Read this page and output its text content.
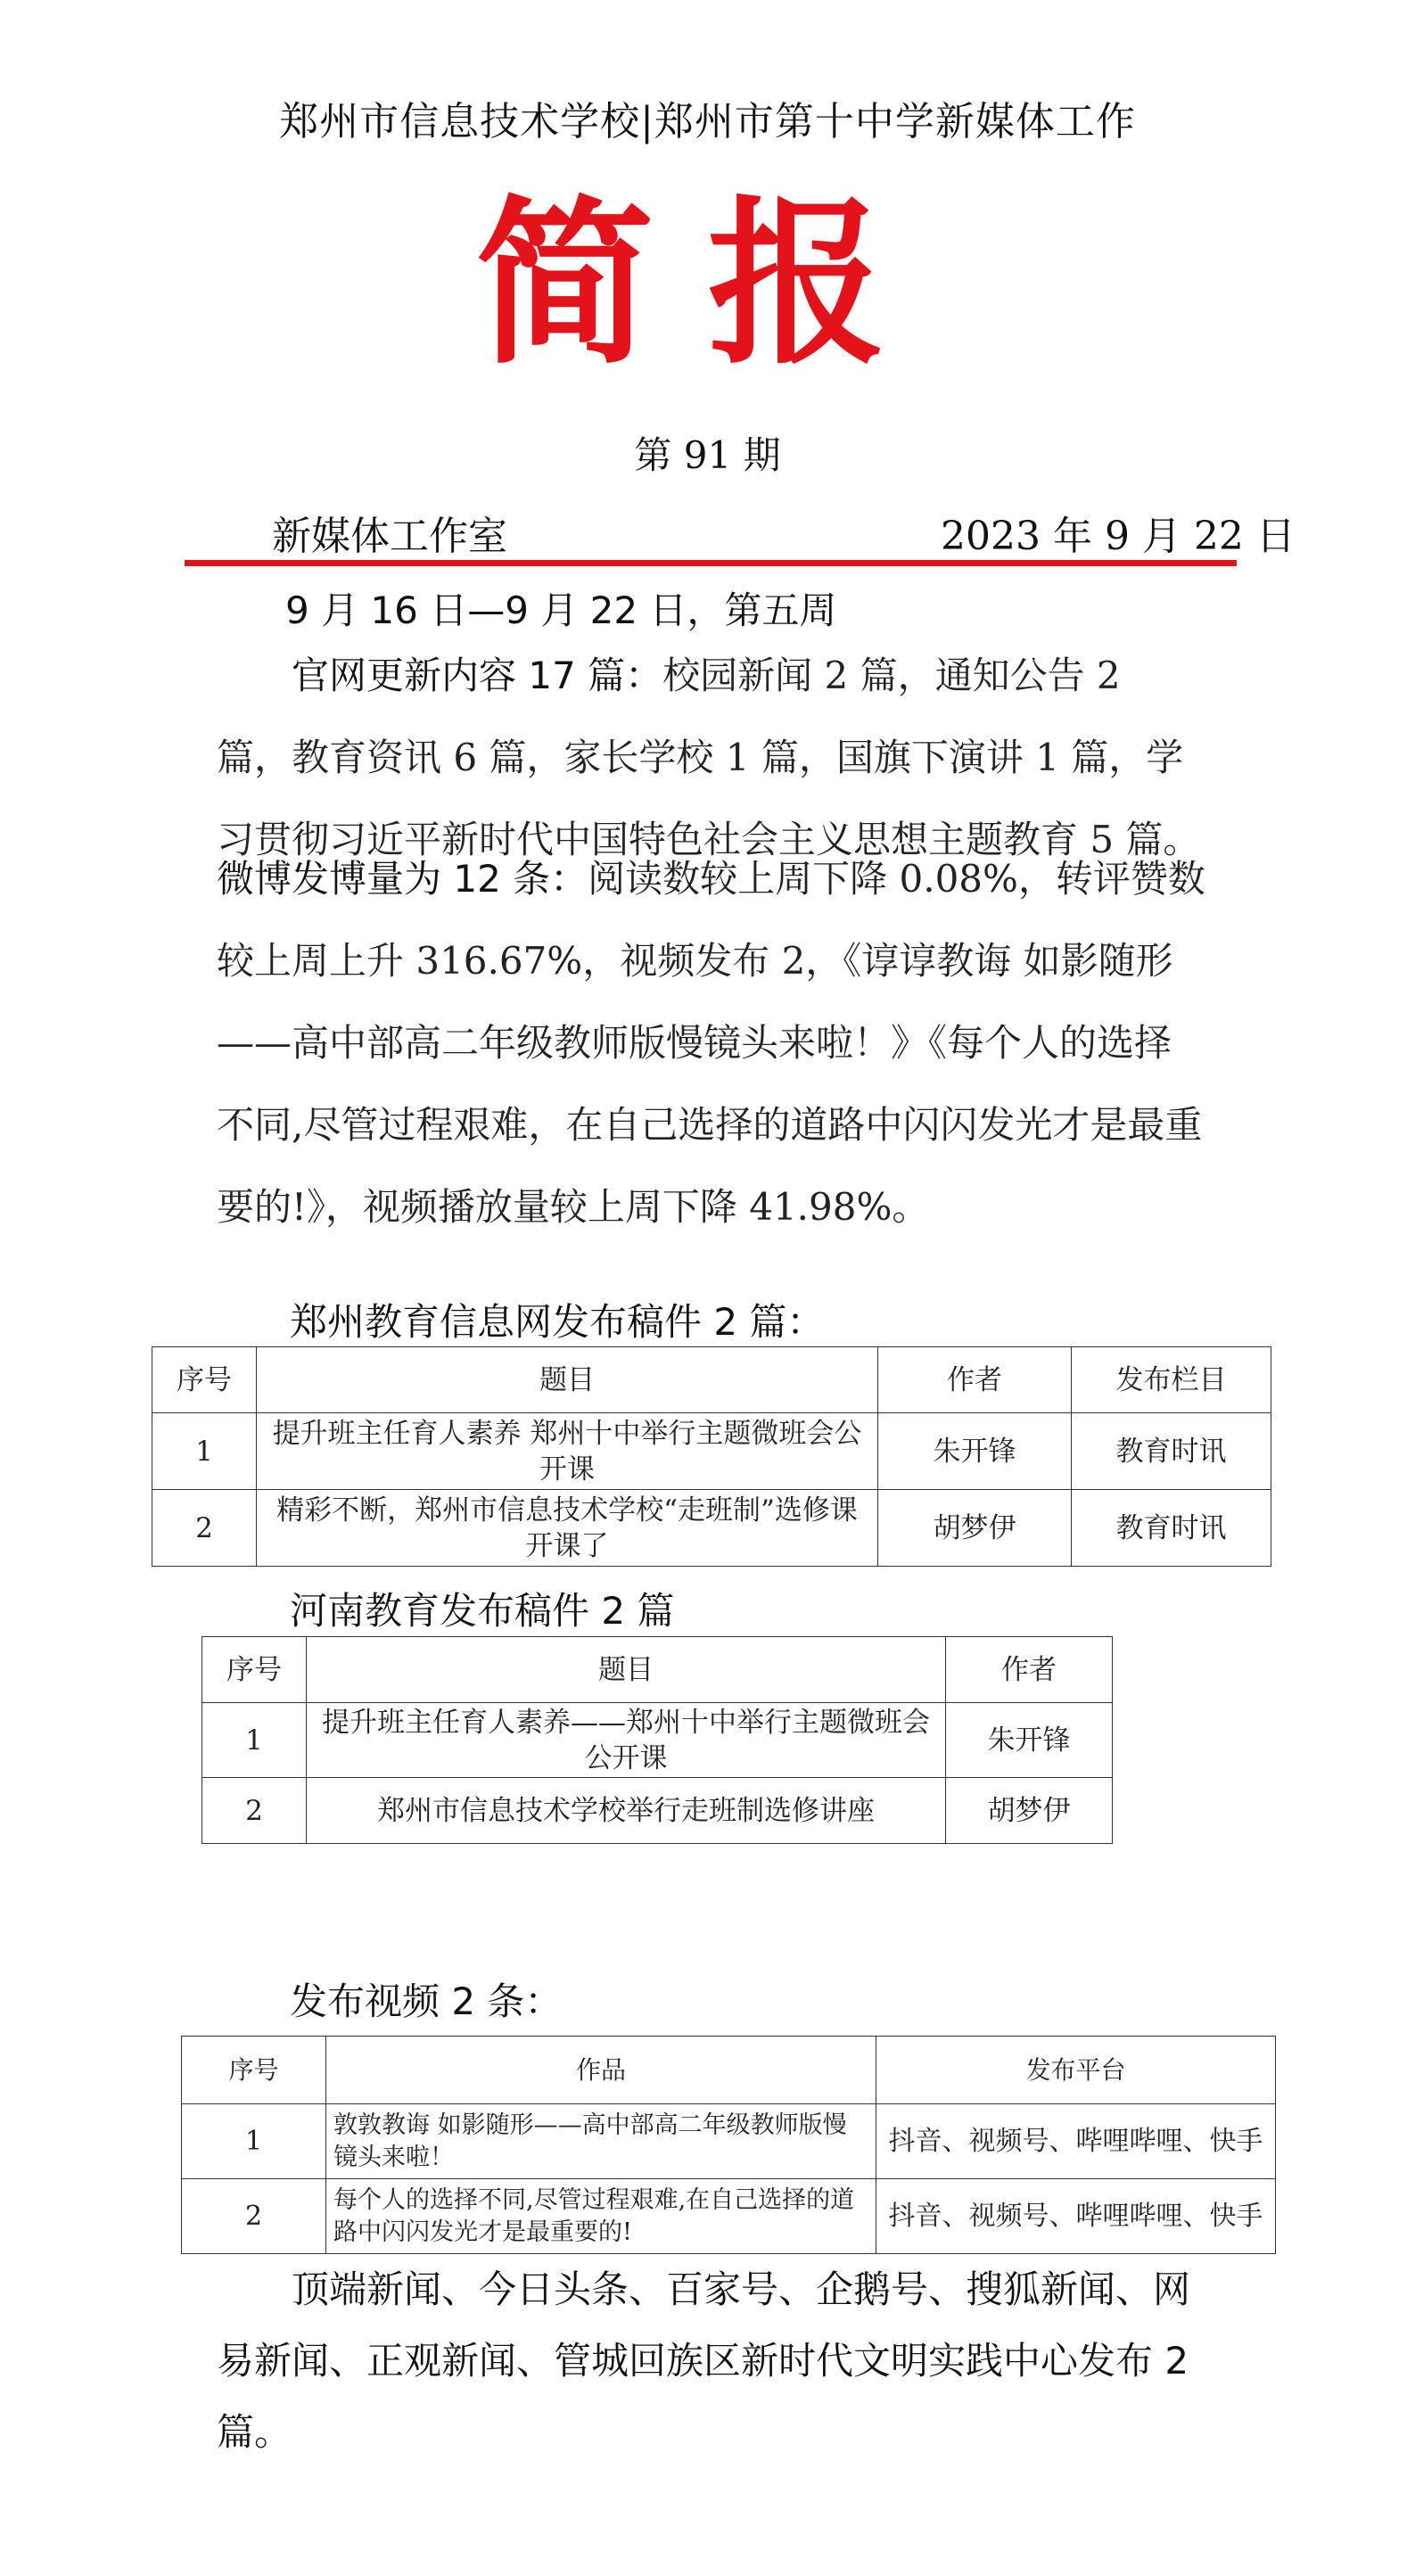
郑州市信息技术学校|郑州市第十中学新媒体工作
简报
第 91 期
新媒体工作室	2023 年 9 月 22 日
9 月 16 日—9 月 22 日，第五周
官网更新内容 17 篇：校园新闻 2 篇，通知公告 2 篇，教育资讯 6 篇，家长学校 1 篇，国旗下演讲 1 篇，学习贯彻习近平新时代中国特色社会主义思想主题教育 5 篇。
微博发博量为 12 条：阅读数较上周下降 0.08%，转评赞数较上周上升 316.67%，视频发布 2，《谆谆教诲 如影随形——高中部高二年级教师版慢镜头来啦！》《每个人的选择不同,尽管过程艰难，在自己选择的道路中闪闪发光才是最重要的!》，视频播放量较上周下降 41.98%。
郑州教育信息网发布稿件 2 篇：
序号	题目	作者	发布栏目
1	提升班主任育人素养 郑州十中举行主题微班会公开课	朱开锋	教育时讯
2	精彩不断，郑州市信息技术学校“走班制”选修课开课了	胡梦伊	教育时讯
河南教育发布稿件 2 篇
序号	题目	作者
1	提升班主任育人素养——郑州十中举行主题微班会公开课	朱开锋
2	郑州市信息技术学校举行走班制选修讲座	胡梦伊
发布视频 2 条：
序号	作品	发布平台
1	敦敦教诲 如影随形——高中部高二年级教师版慢镜头来啦！	抖音、视频号、哔哩哔哩、快手
2	每个人的选择不同,尽管过程艰难,在自己选择的道路中闪闪发光才是最重要的!	抖音、视频号、哔哩哔哩、快手
顶端新闻、今日头条、百家号、企鹅号、搜狐新闻、网易新闻、正观新闻、管城回族区新时代文明实践中心发布 2 篇。
